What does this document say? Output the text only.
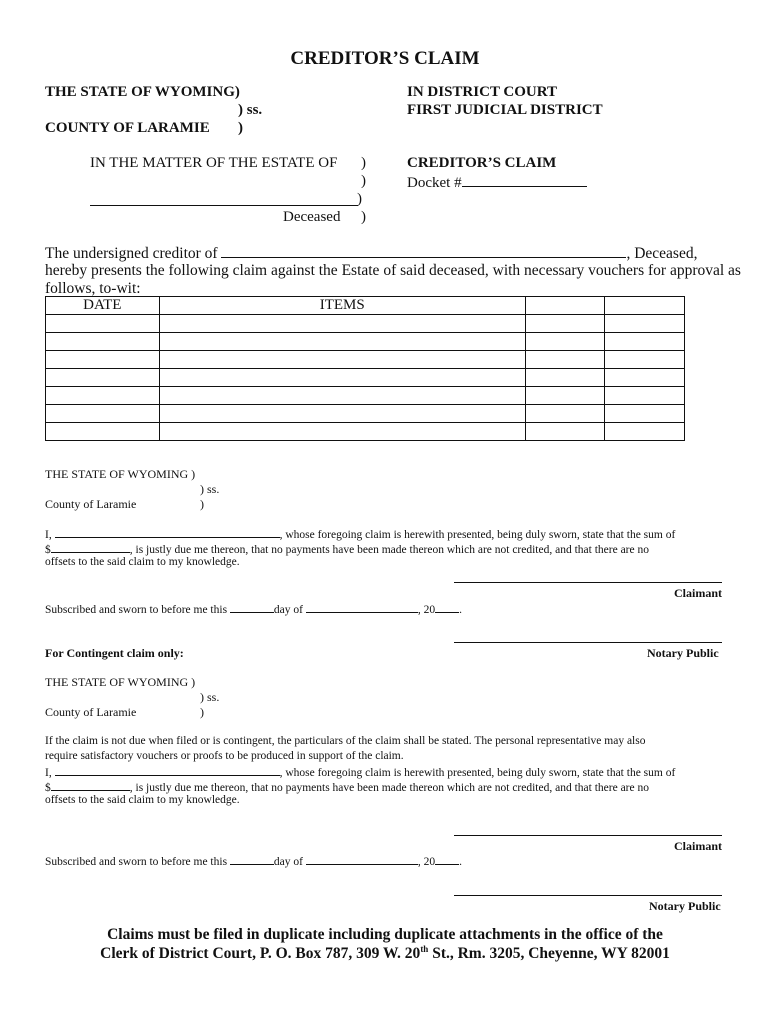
CREDITOR’S CLAIM
THE STATE OF WYOMING)
) ss.
COUNTY OF LARAMIE )
IN DISTRICT COURT
FIRST JUDICIAL DISTRICT
IN THE MATTER OF THE ESTATE OF )
)
)
Deceased )
CREDITOR’S CLAIM
Docket #
The undersigned creditor of	, Deceased,
hereby presents the following claim against the Estate of said deceased, with necessary vouchers for approval as
follows, to-wit:
DATE	ITEMS		

THE STATE OF WYOMING )
) ss.
County of Laramie	)
I,	, whose foregoing claim is herewith presented, being duly sworn, state that the sum of
$	, is justly due me thereon, that no payments have been made thereon which are not credited, and that there are no
offsets to the said claim to my knowledge.
Claimant
Subscribed and sworn to before me this	day of	, 20 .
For Contingent claim only:	Notary Public
THE STATE OF WYOMING )
) ss.
County of Laramie	)
If the claim is not due when filed or is contingent, the particulars of the claim shall be stated. The personal representative may also
require satisfactory vouchers or proofs to be produced in support of the claim.
I,	, whose foregoing claim is herewith presented, being duly sworn, state that the sum of
$	, is justly due me thereon, that no payments have been made thereon which are not credited, and that there are no
offsets to the said claim to my knowledge.
Claimant
Subscribed and sworn to before me this	day of	, 20 .
Notary Public
Claims must be filed in duplicate including duplicate attachments in the office of the
Clerk of District Court, P. O. Box 787, 309 W. 20th St., Rm. 3205, Cheyenne, WY 82001
